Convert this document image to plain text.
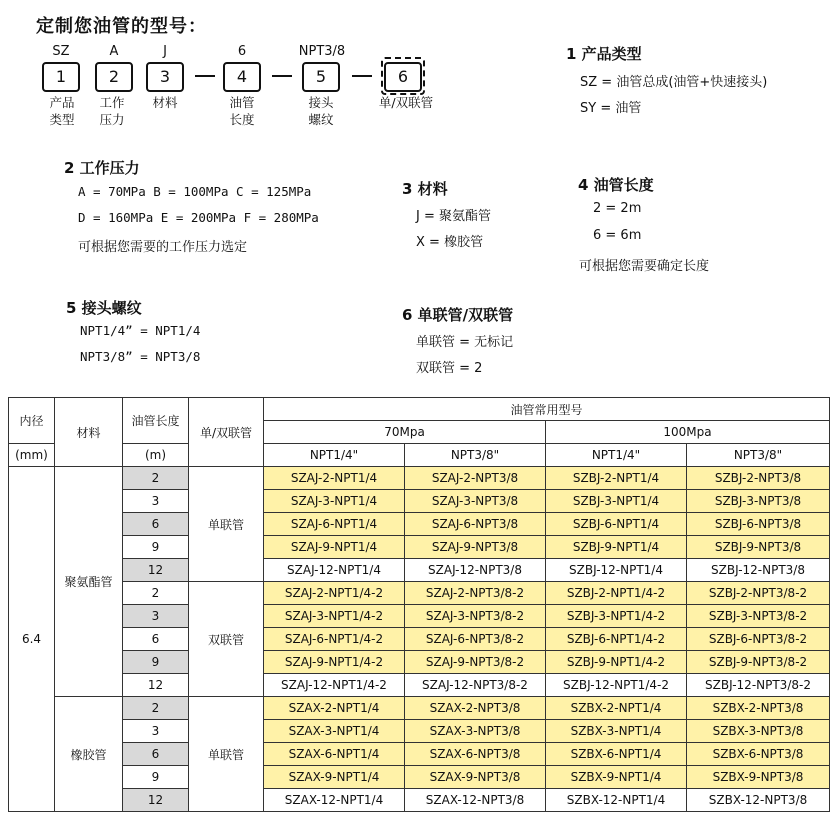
定制您油管的型号：
SZ	A	J	6	NPT3/8
1	2	3	4	5	6
产品
类型
工作
压力
材料	油管
长度
接头
螺纹
单/双联管
1 产品类型
SZ = 油管总成(油管+快速接头)
SY = 油管
2 工作压力
A = 70MPa B = 100MPa C = 125MPa
D = 160MPa E = 200MPa F = 280MPa
可根据您需要的工作压力选定
3 材料
J = 聚氨酯管
X = 橡胶管
4 油管长度
2 = 2m
6 = 6m
可根据您需要确定长度
5 接头螺纹
NPT1/4” = NPT1/4
NPT3/8” = NPT3/8
6 单联管/双联管
单联管 = 无标记
双联管 = 2
内径	材料	油管长度	单/双联管	油管常用型号			
				70Mpa		100Mpa	
(mm)		(m)		NPT1/4"	NPT3/8"	NPT1/4"	NPT3/8"
6.4	聚氨酯管	2	单联管	SZAJ-2-NPT1/4	SZAJ-2-NPT3/8	SZBJ-2-NPT1/4	SZBJ-2-NPT3/8
		3		SZAJ-3-NPT1/4	SZAJ-3-NPT3/8	SZBJ-3-NPT1/4	SZBJ-3-NPT3/8
		6		SZAJ-6-NPT1/4	SZAJ-6-NPT3/8	SZBJ-6-NPT1/4	SZBJ-6-NPT3/8
		9		SZAJ-9-NPT1/4	SZAJ-9-NPT3/8	SZBJ-9-NPT1/4	SZBJ-9-NPT3/8
		12		SZAJ-12-NPT1/4	SZAJ-12-NPT3/8	SZBJ-12-NPT1/4	SZBJ-12-NPT3/8
		2	双联管	SZAJ-2-NPT1/4-2	SZAJ-2-NPT3/8-2	SZBJ-2-NPT1/4-2	SZBJ-2-NPT3/8-2
		3		SZAJ-3-NPT1/4-2	SZAJ-3-NPT3/8-2	SZBJ-3-NPT1/4-2	SZBJ-3-NPT3/8-2
		6		SZAJ-6-NPT1/4-2	SZAJ-6-NPT3/8-2	SZBJ-6-NPT1/4-2	SZBJ-6-NPT3/8-2
		9		SZAJ-9-NPT1/4-2	SZAJ-9-NPT3/8-2	SZBJ-9-NPT1/4-2	SZBJ-9-NPT3/8-2
		12		SZAJ-12-NPT1/4-2	SZAJ-12-NPT3/8-2	SZBJ-12-NPT1/4-2	SZBJ-12-NPT3/8-2
	橡胶管	2	单联管	SZAX-2-NPT1/4	SZAX-2-NPT3/8	SZBX-2-NPT1/4	SZBX-2-NPT3/8
		3		SZAX-3-NPT1/4	SZAX-3-NPT3/8	SZBX-3-NPT1/4	SZBX-3-NPT3/8
		6		SZAX-6-NPT1/4	SZAX-6-NPT3/8	SZBX-6-NPT1/4	SZBX-6-NPT3/8
		9		SZAX-9-NPT1/4	SZAX-9-NPT3/8	SZBX-9-NPT1/4	SZBX-9-NPT3/8
		12		SZAX-12-NPT1/4	SZAX-12-NPT3/8	SZBX-12-NPT1/4	SZBX-12-NPT3/8
